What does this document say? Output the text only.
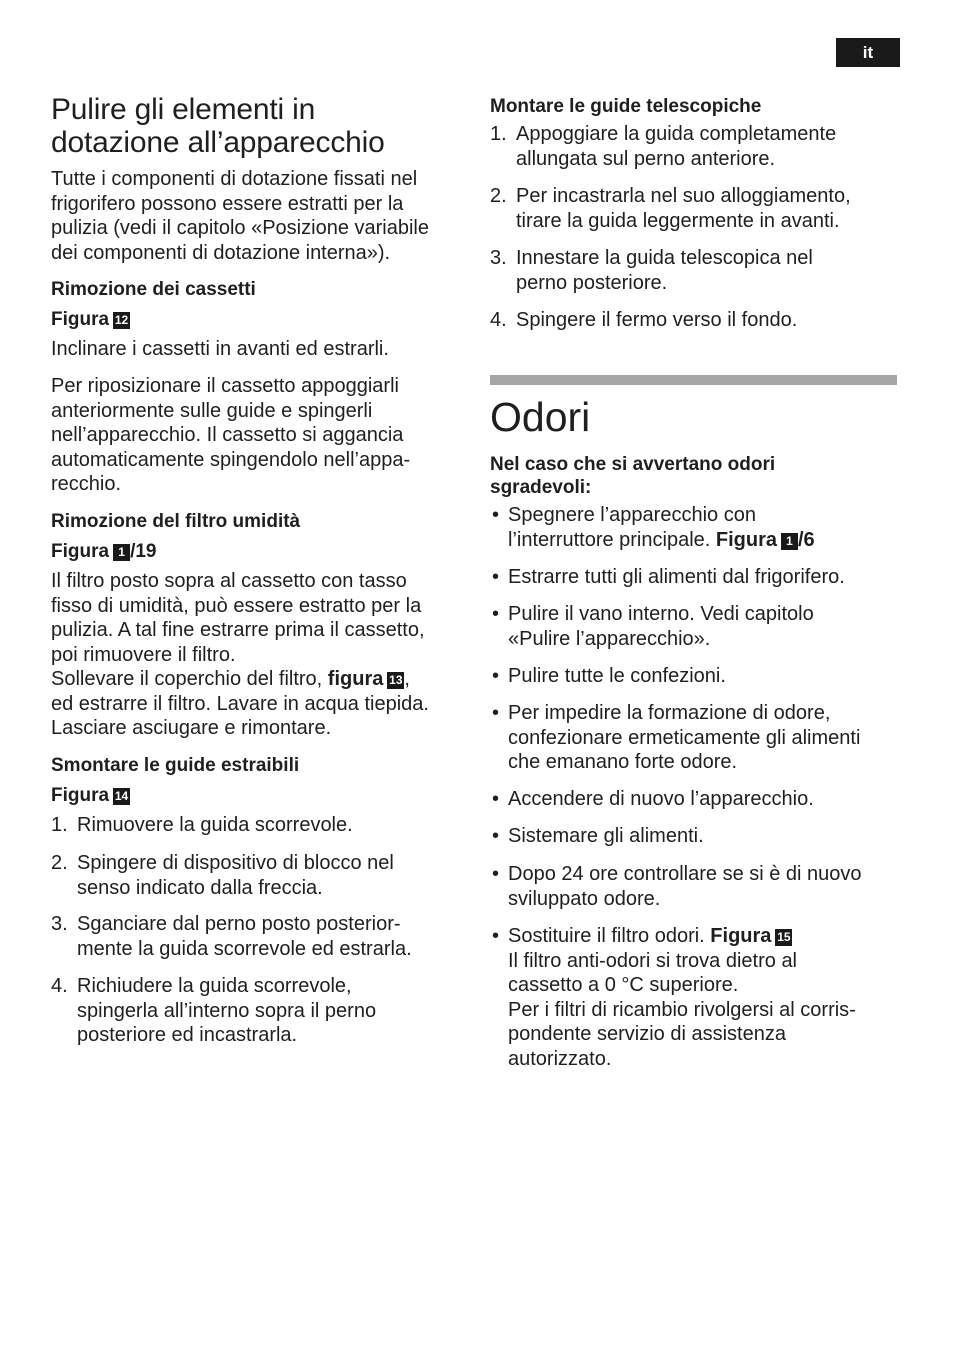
it
Pulire gli elementi in
dotazione all’apparecchio

Tutte i componenti di dotazione fissati nel
frigorifero possono essere estratti per la
pulizia (vedi il capitolo «Posizione variabile
dei componenti di dotazione interna»).

Rimozione dei cassetti
Figura 12

Inclinare i cassetti in avanti ed estrarli.

Per riposizionare il cassetto appoggiarli
anteriormente sulle guide e spingerli
nell’apparecchio. Il cassetto si aggancia
automaticamente spingendolo nell’appa-
recchio.

Rimozione del filtro umidità
Figura 1 /19

Il filtro posto sopra al cassetto con tasso
fisso di umidità, può essere estratto per la
pulizia. A tal fine estrarre prima il cassetto,
poi rimuovere il filtro.
Sollevare il coperchio del filtro, figura 13,
ed estrarre il filtro. Lavare in acqua tiepida.
Lasciare asciugare e rimontare.

Smontare le guide estraibili
Figura 14
1. Rimuovere la guida scorrevole.
2. Spingere di dispositivo di blocco nel
senso indicato dalla freccia.
3. Sganciare dal perno posto posterior-
mente la guida scorrevole ed estrarla.
4. Richiudere la guida scorrevole,
spingerla all’interno sopra il perno
posteriore ed incastrarla.
Montare le guide telescopiche
1. Appoggiare la guida completamente
allungata sul perno anteriore.
2. Per incastrarla nel suo alloggiamento,
tirare la guida leggermente in avanti.
3. Innestare la guida telescopica nel
perno posteriore.
4. Spingere il fermo verso il fondo.
Odori
Nel caso che si avvertano odori
sgradevoli:
• Spegnere l’apparecchio con
l’interruttore principale. Figura 1 /6
• Estrarre tutti gli alimenti dal frigorifero.
• Pulire il vano interno. Vedi capitolo
«Pulire l’apparecchio».
• Pulire tutte le confezioni.
• Per impedire la formazione di odore,
confezionare ermeticamente gli alimenti
che emanano forte odore.
• Accendere di nuovo l’apparecchio.
• Sistemare gli alimenti.
• Dopo 24 ore controllare se si è di nuovo
sviluppato odore.
• Sostituire il filtro odori. Figura 15
Il filtro anti-odori si trova dietro al
cassetto a 0 °C superiore.
Per i filtri di ricambio rivolgersi al corris-
pondente servizio di assistenza
autorizzato.
